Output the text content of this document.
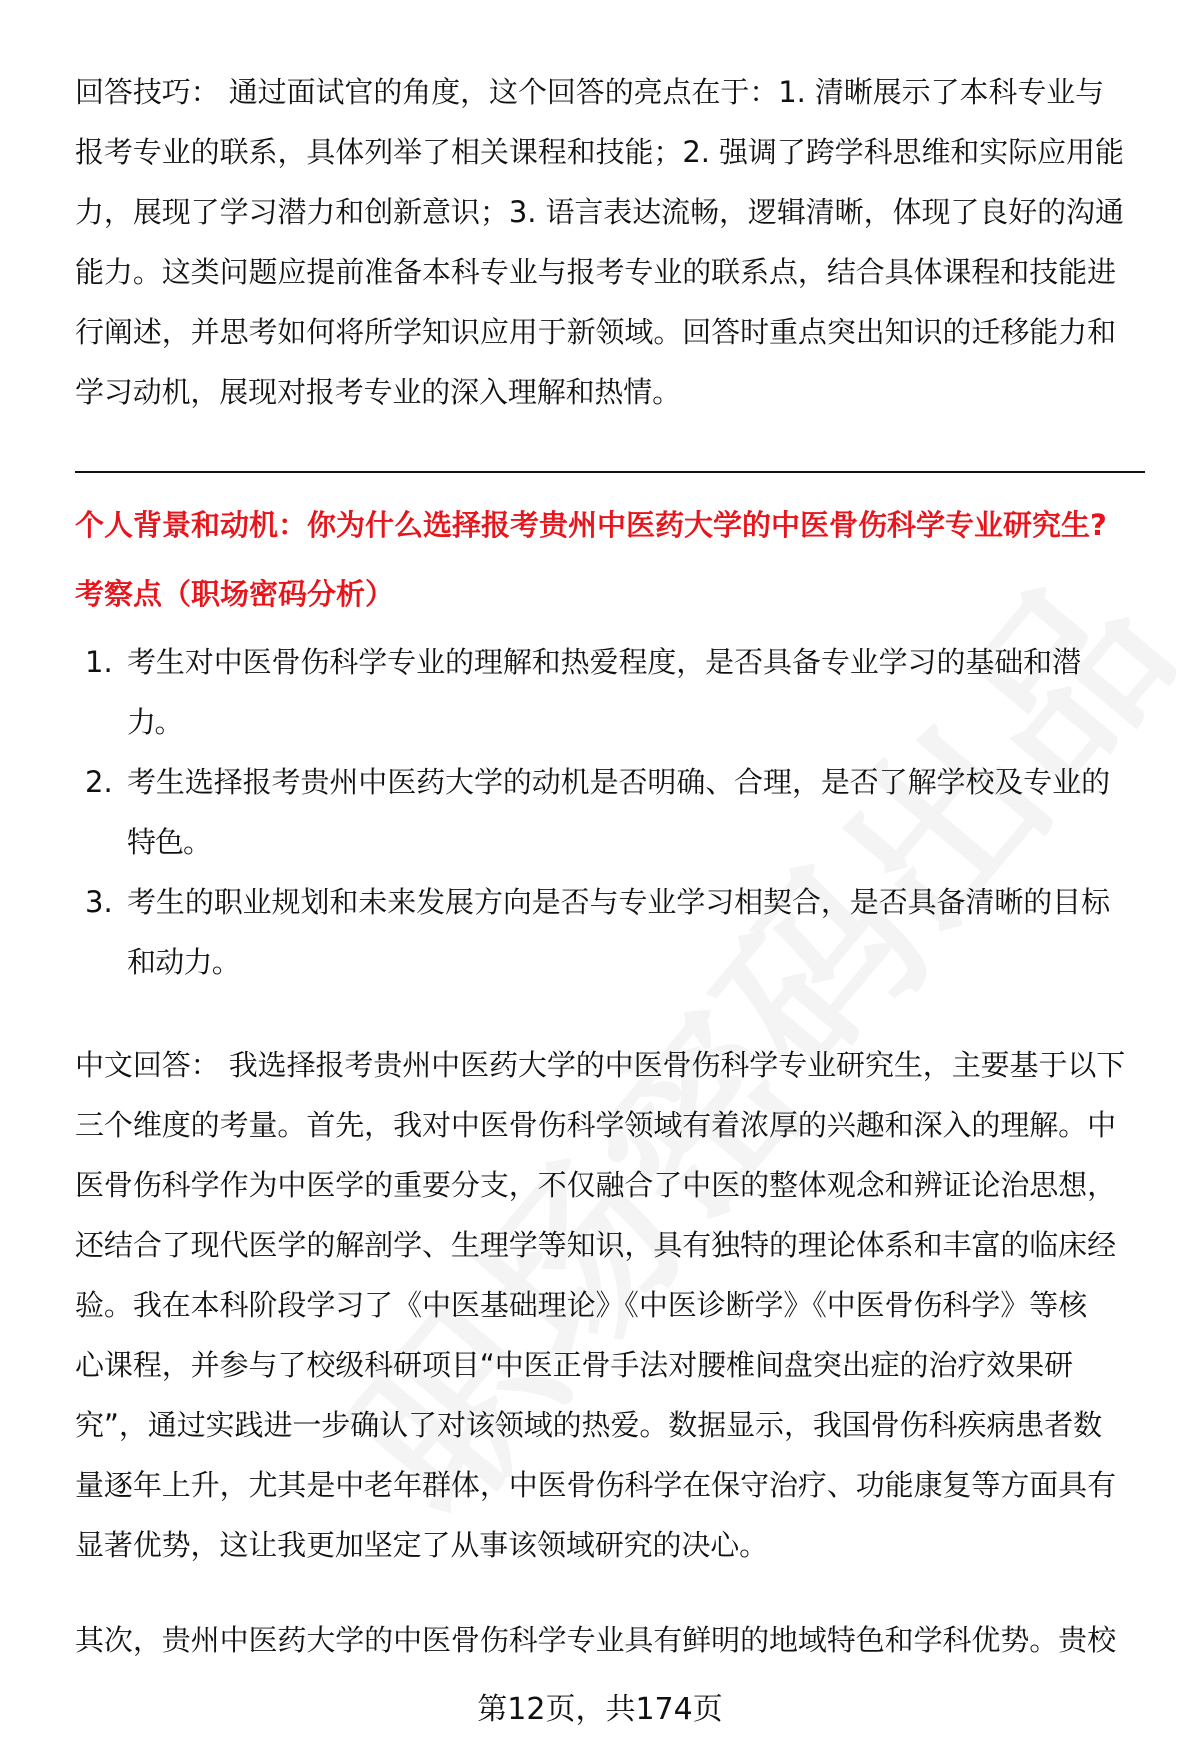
回答技巧： 通过面试官的角度，这个回答的亮点在于：1. 清晰展示了本科专业与
报考专业的联系，具体列举了相关课程和技能；2. 强调了跨学科思维和实际应用能
力，展现了学习潜力和创新意识；3. 语言表达流畅，逻辑清晰，体现了良好的沟通
能力。这类问题应提前准备本科专业与报考专业的联系点，结合具体课程和技能进
行阐述，并思考如何将所学知识应用于新领域。回答时重点突出知识的迁移能力和
学习动机，展现对报考专业的深入理解和热情。
个人背景和动机：你为什么选择报考贵州中医药大学的中医骨伤科学专业研究生?
考察点（职场密码分析）
1. 考生对中医骨伤科学专业的理解和热爱程度，是否具备专业学习的基础和潜
力。
2. 考生选择报考贵州中医药大学的动机是否明确、合理，是否了解学校及专业的
特色。
3. 考生的职业规划和未来发展方向是否与专业学习相契合，是否具备清晰的目标
和动力。
中文回答： 我选择报考贵州中医药大学的中医骨伤科学专业研究生，主要基于以下
三个维度的考量。首先，我对中医骨伤科学领域有着浓厚的兴趣和深入的理解。中
医骨伤科学作为中医学的重要分支，不仅融合了中医的整体观念和辨证论治思想，
还结合了现代医学的解剖学、生理学等知识，具有独特的理论体系和丰富的临床经
验。我在本科阶段学习了《中医基础理论》《中医诊断学》《中医骨伤科学》等核
心课程，并参与了校级科研项目“中医正骨手法对腰椎间盘突出症的治疗效果研
究”，通过实践进一步确认了对该领域的热爱。数据显示，我国骨伤科疾病患者数
量逐年上升，尤其是中老年群体，中医骨伤科学在保守治疗、功能康复等方面具有
显著优势，这让我更加坚定了从事该领域研究的决心。
其次，贵州中医药大学的中医骨伤科学专业具有鲜明的地域特色和学科优势。贵校
第12页，共174页
